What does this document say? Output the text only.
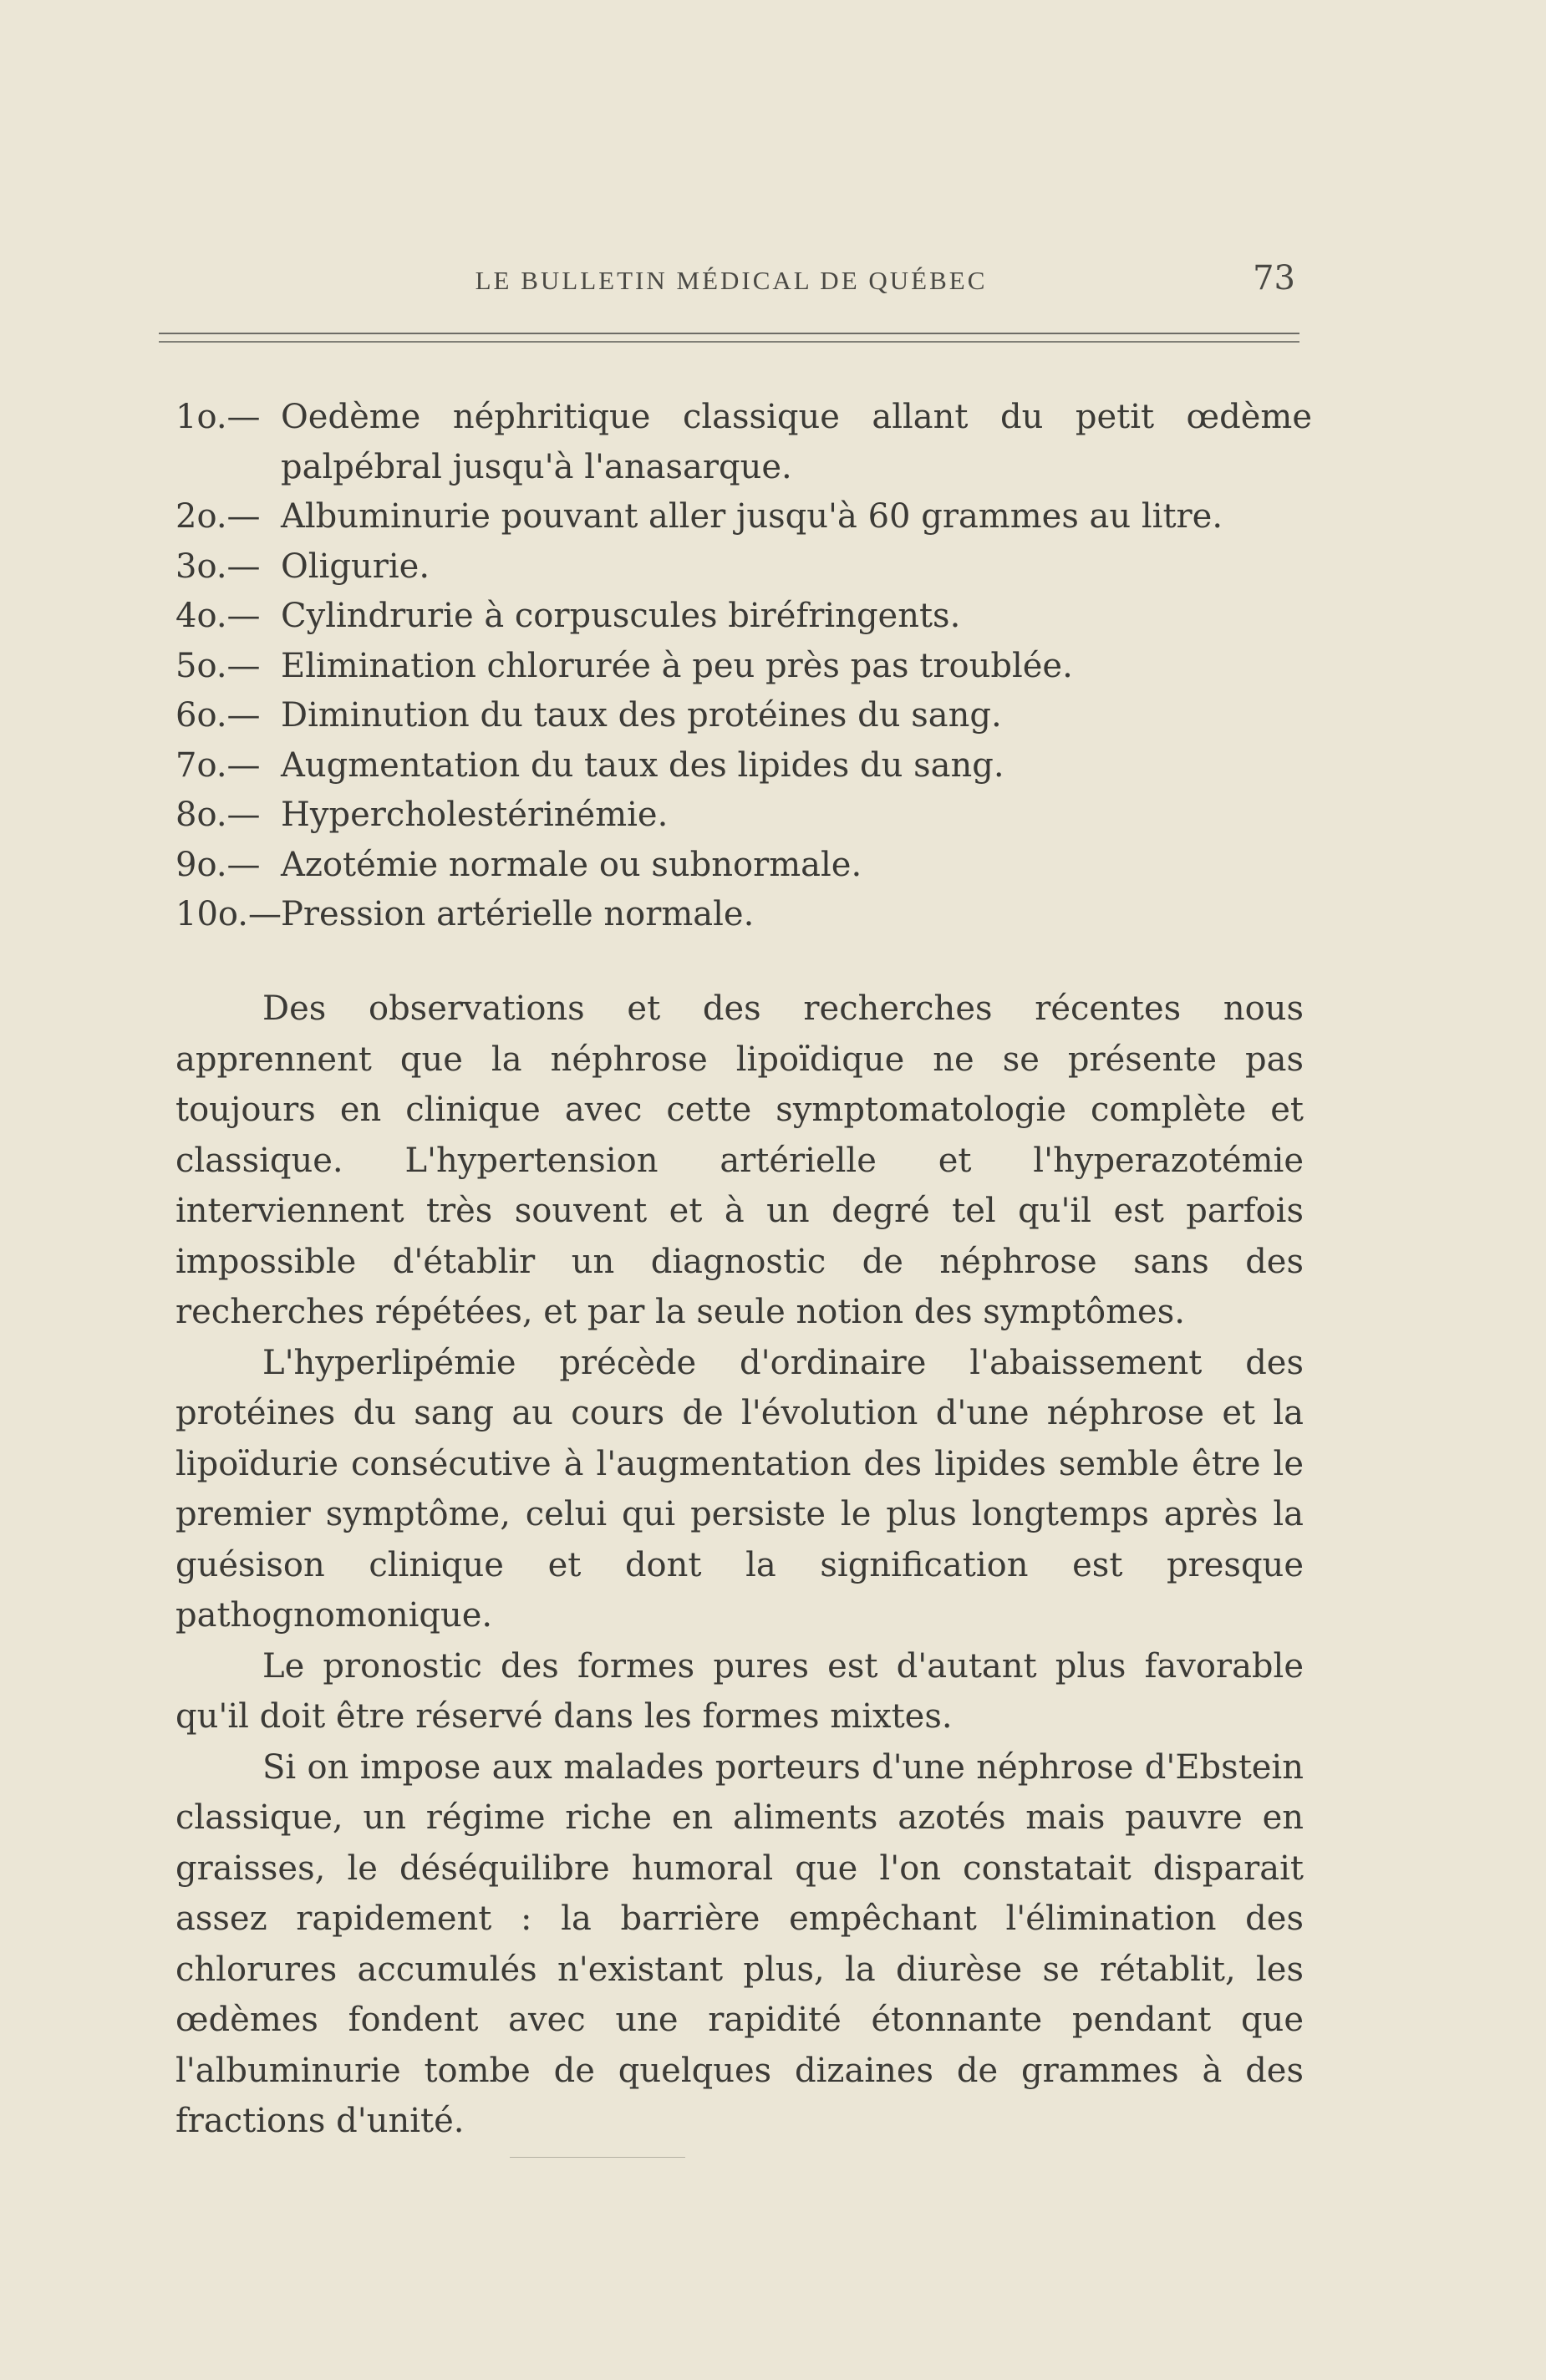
LE BULLETIN MÉDICAL DE QUÉBEC	73
1o.— Oedème néphritique classique allant du petit œdème palpébral jusqu'à l'anasarque.
2o.— Albuminurie pouvant aller jusqu'à 60 grammes au litre.
3o.— Oligurie.
4o.— Cylindrurie à corpuscules biréfringents.
5o.— Elimination chlorurée à peu près pas troublée.
6o.— Diminution du taux des protéines du sang.
7o.— Augmentation du taux des lipides du sang.
8o.— Hypercholestérinémie.
9o.— Azotémie normale ou subnormale.
10o.— Pression artérielle normale.

Des observations et des recherches récentes nous apprennent que la néphrose lipoïdique ne se présente pas toujours en clinique avec cette symptomatologie complète et classique. L'hypertension artérielle et l'hyperazotémie interviennent très souvent et à un degré tel qu'il est parfois impossible d'établir un diagnostic de néphrose sans des recherches répétées, et par la seule notion des symptômes.

L'hyperlipémie précède d'ordinaire l'abaissement des protéines du sang au cours de l'évolution d'une néphrose et la lipoïdurie consécutive à l'augmentation des lipides semble être le premier symptôme, celui qui persiste le plus longtemps après la guésison clinique et dont la signification est presque pathognomonique.

Le pronostic des formes pures est d'autant plus favorable qu'il doit être réservé dans les formes mixtes.

Si on impose aux malades porteurs d'une néphrose d'Ebstein classique, un régime riche en aliments azotés mais pauvre en graisses, le déséquilibre humoral que l'on constatait disparait assez rapidement : la barrière empêchant l'élimination des chlorures accumulés n'existant plus, la diurèse se rétablit, les œdèmes fondent avec une rapidité étonnante pendant que l'albuminurie tombe de quelques dizaines de grammes à des fractions d'unité.
